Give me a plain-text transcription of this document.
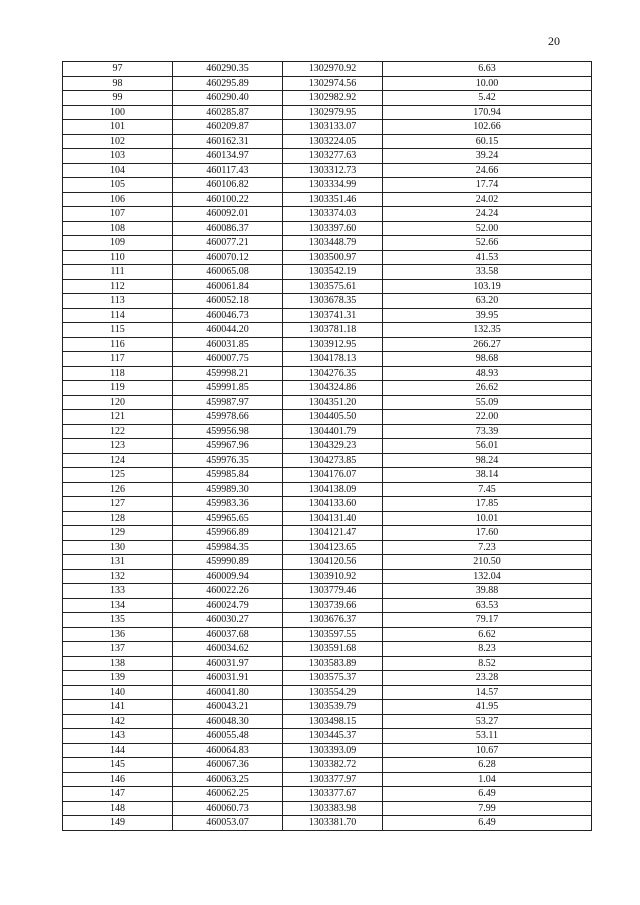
20
97	460290.35	1302970.92	6.63
98	460295.89	1302974.56	10.00
99	460290.40	1302982.92	5.42
100	460285.87	1302979.95	170.94
101	460209.87	1303133.07	102.66
102	460162.31	1303224.05	60.15
103	460134.97	1303277.63	39.24
104	460117.43	1303312.73	24.66
105	460106.82	1303334.99	17.74
106	460100.22	1303351.46	24.02
107	460092.01	1303374.03	24.24
108	460086.37	1303397.60	52.00
109	460077.21	1303448.79	52.66
110	460070.12	1303500.97	41.53
111	460065.08	1303542.19	33.58
112	460061.84	1303575.61	103.19
113	460052.18	1303678.35	63.20
114	460046.73	1303741.31	39.95
115	460044.20	1303781.18	132.35
116	460031.85	1303912.95	266.27
117	460007.75	1304178.13	98.68
118	459998.21	1304276.35	48.93
119	459991.85	1304324.86	26.62
120	459987.97	1304351.20	55.09
121	459978.66	1304405.50	22.00
122	459956.98	1304401.79	73.39
123	459967.96	1304329.23	56.01
124	459976.35	1304273.85	98.24
125	459985.84	1304176.07	38.14
126	459989.30	1304138.09	7.45
127	459983.36	1304133.60	17.85
128	459965.65	1304131.40	10.01
129	459966.89	1304121.47	17.60
130	459984.35	1304123.65	7.23
131	459990.89	1304120.56	210.50
132	460009.94	1303910.92	132.04
133	460022.26	1303779.46	39.88
134	460024.79	1303739.66	63.53
135	460030.27	1303676.37	79.17
136	460037.68	1303597.55	6.62
137	460034.62	1303591.68	8.23
138	460031.97	1303583.89	8.52
139	460031.91	1303575.37	23.28
140	460041.80	1303554.29	14.57
141	460043.21	1303539.79	41.95
142	460048.30	1303498.15	53.27
143	460055.48	1303445.37	53.11
144	460064.83	1303393.09	10.67
145	460067.36	1303382.72	6.28
146	460063.25	1303377.97	1.04
147	460062.25	1303377.67	6.49
148	460060.73	1303383.98	7.99
149	460053.07	1303381.70	6.49
